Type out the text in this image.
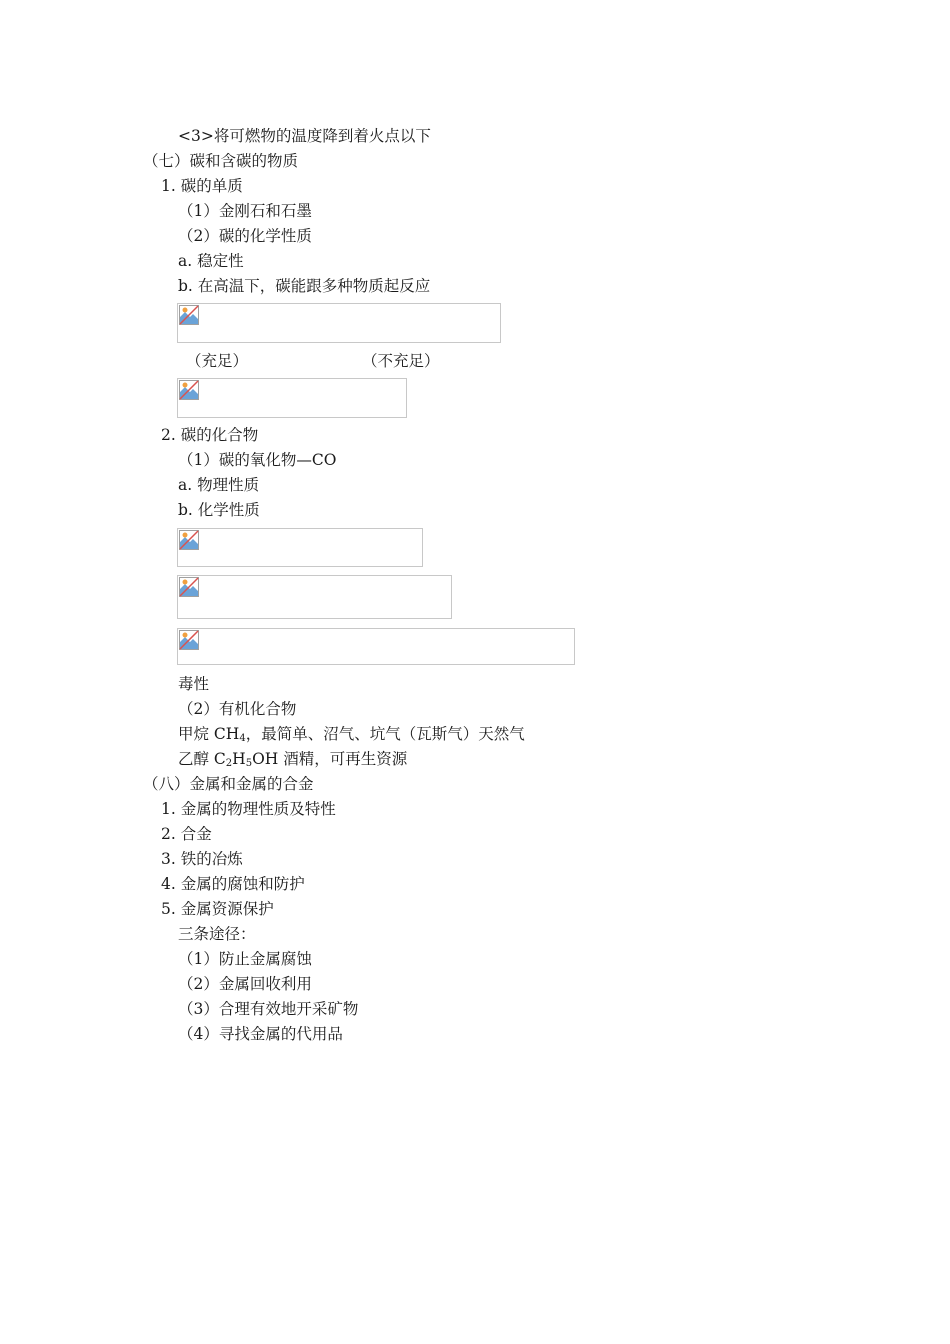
<3>将可燃物的温度降到着火点以下
（七）碳和含碳的物质
1. 碳的单质
（1）金刚石和石墨
（2）碳的化学性质
a. 稳定性
b. 在高温下，碳能跟多种物质起反应
（充足）	（不充足）
2. 碳的化合物
（1）碳的氧化物—CO
a. 物理性质
b. 化学性质
毒性
（2）有机化合物
甲烷 $CH_4$，最简单、沼气、坑气（瓦斯气）天然气
乙醇 $C_2H_5OH$ 酒精，可再生资源
（八）金属和金属的合金
1. 金属的物理性质及特性
2. 合金
3. 铁的冶炼
4. 金属的腐蚀和防护
5. 金属资源保护
三条途径：
（1）防止金属腐蚀
（2）金属回收利用
（3）合理有效地开采矿物
（4）寻找金属的代用品
